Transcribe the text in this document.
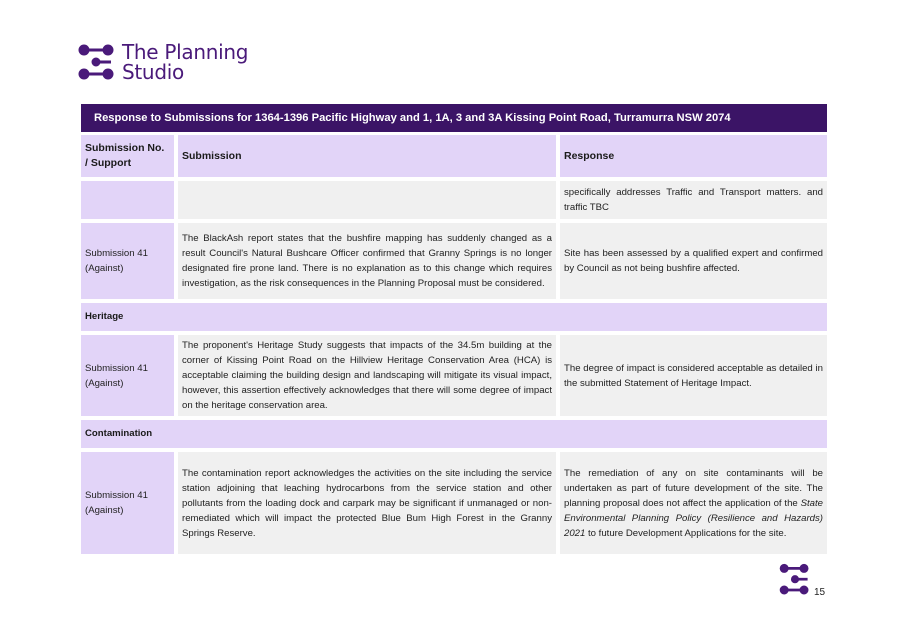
The Planning
Studio
Response to Submissions for 1364-1396 Pacific Highway and 1, 1A, 3 and 3A Kissing Point Road, Turramurra NSW 2074
Submission No. / Support
Submission	Response
specifically addresses Traffic and Transport matters. and traffic TBC
Submission 41 (Against)
The BlackAsh report states that the bushfire mapping has suddenly changed as a result Council's Natural Bushcare Officer confirmed that Granny Springs is no longer designated fire prone land. There is no explanation as to this change which requires investigation, as the risk consequences in the Planning Proposal must be considered.
Site has been assessed by a qualified expert and confirmed by Council as not being bushfire affected.
Heritage
Submission 41 (Against)
The proponent's Heritage Study suggests that impacts of the 34.5m building at the corner of Kissing Point Road on the Hillview Heritage Conservation Area (HCA) is acceptable claiming the building design and landscaping will mitigate its visual impact, however, this assertion effectively acknowledges that there will some degree of impact on the heritage conservation area.
The degree of impact is considered acceptable as detailed in the submitted Statement of Heritage Impact.
Contamination
Submission 41 (Against)
The contamination report acknowledges the activities on the site including the service station adjoining that leaching hydrocarbons from the service station and other pollutants from the loading dock and carpark may be significant if unmanaged or non-remediated which will impact the protected Blue Bum High Forest in the Granny Springs Reserve.
The remediation of any on site contaminants will be undertaken as part of future development of the site. The planning proposal does not affect the application of the State Environmental Planning Policy (Resilience and Hazards) 2021 to future Development Applications for the site.
15
